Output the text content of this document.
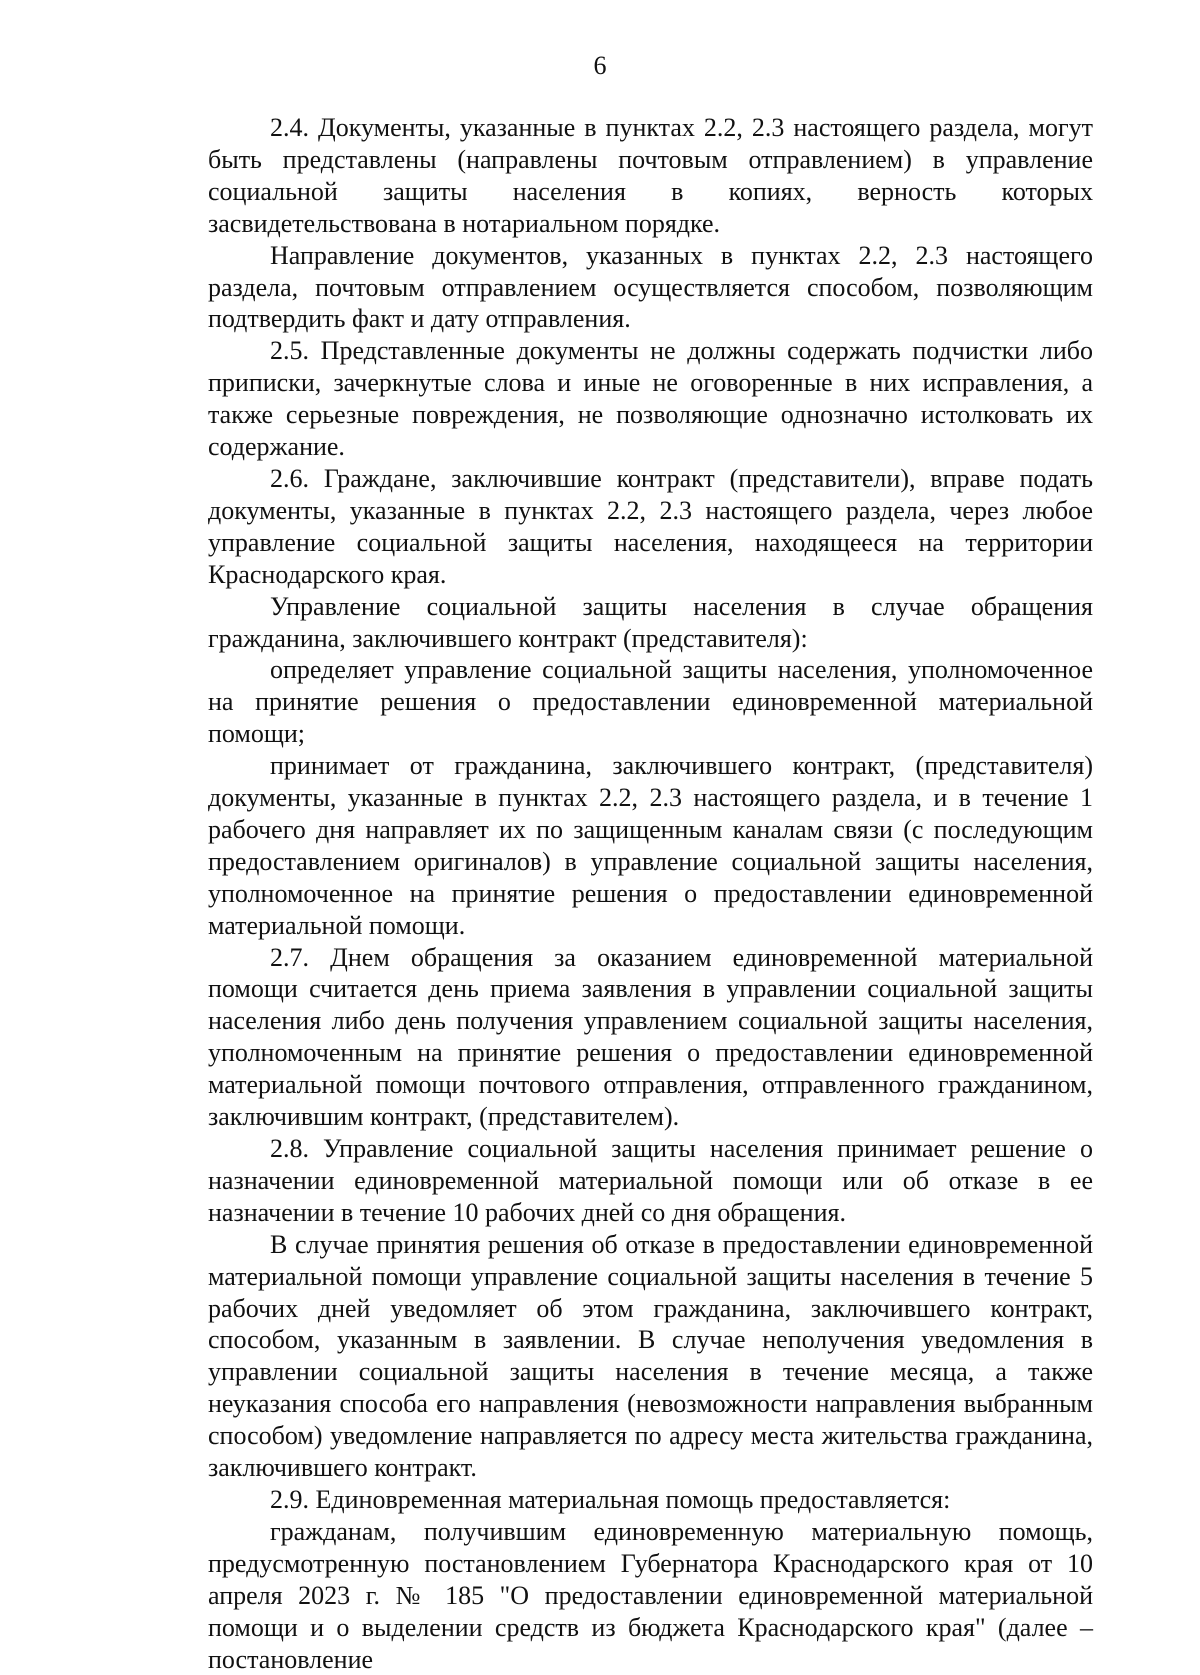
6

2.4. Документы, указанные в пунктах 2.2, 2.3 настоящего раздела, могут быть представлены (направлены почтовым отправлением) в управление социальной защиты населения в копиях, верность которых засвидетельствована в нотариальном порядке.

Направление документов, указанных в пунктах 2.2, 2.3 настоящего раздела, почтовым отправлением осуществляется способом, позволяющим подтвердить факт и дату отправления.

2.5. Представленные документы не должны содержать подчистки либо приписки, зачеркнутые слова и иные не оговоренные в них исправления, а также серьезные повреждения, не позволяющие однозначно истолковать их содержание.

2.6. Граждане, заключившие контракт (представители), вправе подать документы, указанные в пунктах 2.2, 2.3 настоящего раздела, через любое управление социальной защиты населения, находящееся на территории Краснодарского края.

Управление социальной защиты населения в случае обращения гражданина, заключившего контракт (представителя):

определяет управление социальной защиты населения, уполномоченное на принятие решения о предоставлении единовременной материальной помощи;

принимает от гражданина, заключившего контракт, (представителя) документы, указанные в пунктах 2.2, 2.3 настоящего раздела, и в течение 1 рабочего дня направляет их по защищенным каналам связи (с последующим предоставлением оригиналов) в управление социальной защиты населения, уполномоченное на принятие решения о предоставлении единовременной материальной помощи.

2.7. Днем обращения за оказанием единовременной материальной помощи считается день приема заявления в управлении социальной защиты населения либо день получения управлением социальной защиты населения, уполномоченным на принятие решения о предоставлении единовременной материальной помощи почтового отправления, отправленного гражданином, заключившим контракт, (представителем).

2.8. Управление социальной защиты населения принимает решение о назначении единовременной материальной помощи или об отказе в ее назначении в течение 10 рабочих дней со дня обращения.

В случае принятия решения об отказе в предоставлении единовременной материальной помощи управление социальной защиты населения в течение 5 рабочих дней уведомляет об этом гражданина, заключившего контракт, способом, указанным в заявлении. В случае неполучения уведомления в управлении социальной защиты населения в течение месяца, а также неуказания способа его направления (невозможности направления выбранным способом) уведомление направляется по адресу места жительства гражданина, заключившего контракт.

2.9. Единовременная материальная помощь предоставляется:

гражданам, получившим единовременную материальную помощь, предусмотренную постановлением Губернатора Краснодарского края от 10 апреля 2023 г. № 185 "О предоставлении единовременной материальной помощи и о выделении средств из бюджета Краснодарского края" (далее – постановление
